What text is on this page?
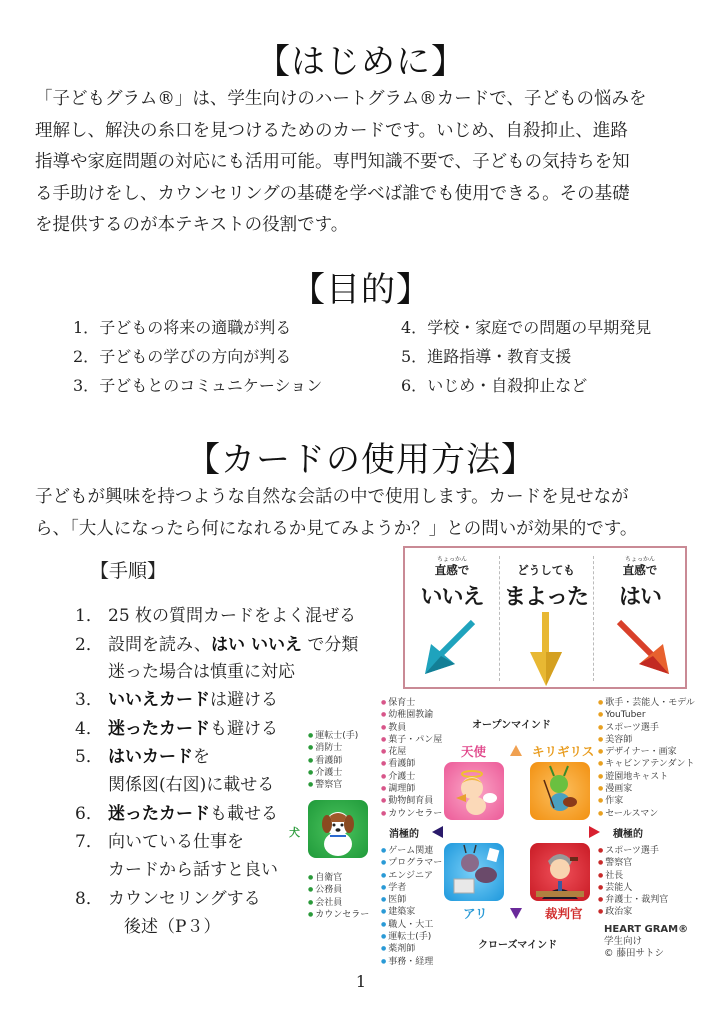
【はじめに】
「子どもグラム®」は、学生向けのハートグラム®カードで、子どもの悩みを
理解し、解決の糸口を見つけるためのカードです。いじめ、自殺抑止、進路
指導や家庭問題の対応にも活用可能。専門知識不要で、子どもの気持ちを知
る手助けをし、カウンセリングの基礎を学べば誰でも使用できる。その基礎
を提供するのが本テキストの役割です。
【目的】
1．子どもの将来の適職が判る
2．子どもの学びの方向が判る
3．子どもとのコミュニケーション
4．学校・家庭での問題の早期発見
5．進路指導・教育支援
6．いじめ・自殺抑止など
【カードの使用方法】
子どもが興味を持つような自然な会話の中で使用します。カードを見せなが
ら、「大人になったら何になれるか見てみようか？」との問いが効果的です。
【手順】
1． 25 枚の質問カードをよく混ぜる
2． 設問を読み、はい いいえ で分類
迷った場合は慎重に対応
3． いいえカードは避ける
4． 迷ったカードも避ける
5． はいカードを
関係図(右図)に載せる
6． 迷ったカードも載せる
7． 向いている仕事を
カードから話すと良い
8． カウンセリングする
後述（P３）
ちょっかん
直感で
いいえ
どうしても
まよった
ちょっかん
直感で
はい
● 運転士(手)
● 消防士
● 看護師
● 介護士
● 警察官
犬
● 自衛官
● 公務員
● 会社員
● カウンセラー
● 保育士
● 幼稚園教諭
● 教員
● 菓子・パン屋
● 花屋
● 看護師
● 介護士
● 調理師
● 動物飼育員
● カウンセラー
● ゲーム関連
● プログラマー
● エンジニア
● 学者
● 医師
● 建築家
● 職人・大工
● 運転士(手)
● 薬剤師
● 事務・経理
● 歌手・芸能人・モデル
● YouTuber
● スポーツ選手
● 美容師
● デザイナー・画家
● キャビンアテンダント
● 遊園地キャスト
● 漫画家
● 作家
● セールスマン
● スポーツ選手
● 警察官
● 社長
● 芸能人
● 弁護士・裁判官
● 政治家
オープンマインド
クローズマインド
消極的	積極的
天使	キリギリス
アリ	裁判官
HEART GRAM®
学生向け
© 藤田サトシ
1
